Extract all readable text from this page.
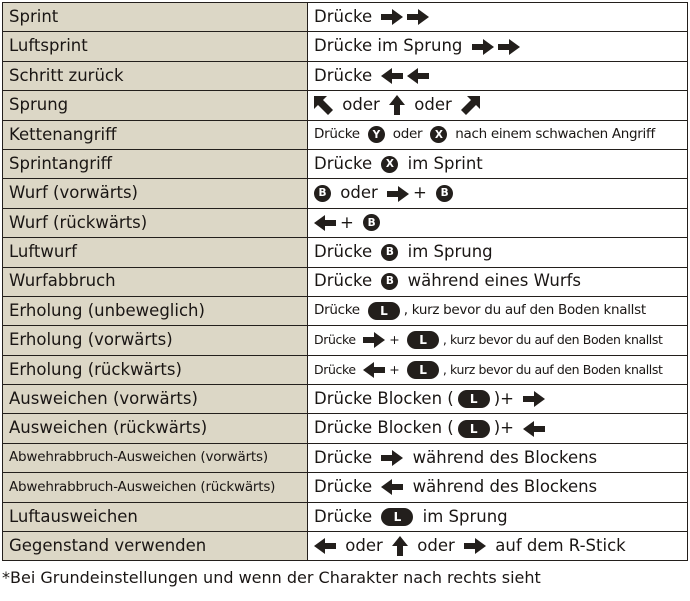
Sprint	Drücke

Luftsprint	Drücke im Sprung

Schritt zurück	Drücke

Sprung	oder oder

Kettenangriff	Drücke Y oder X nach einem schwachen Angriff

Sprintangriff	Drücke X im Sprint

Wurf (vorwärts)	B oder + B

Wurf (rückwärts)	+ B

Luftwurf	Drücke B im Sprung

Wurfabbruch	Drücke B während eines Wurfs

Erholung (unbeweglich)	Drücke L , kurz bevor du auf den Boden knallst

Erholung (vorwärts)	Drücke + L , kurz bevor du auf den Boden knallst

Erholung (rückwärts)	Drücke + L , kurz bevor du auf den Boden knallst

Ausweichen (vorwärts)	Drücke Blocken ( L )+

Ausweichen (rückwärts)	Drücke Blocken ( L )+

Abwehrabbruch-Ausweichen (vorwärts)	Drücke während des Blockens

Abwehrabbruch-Ausweichen (rückwärts)	Drücke während des Blockens

Luftausweichen	Drücke L im Sprung

Gegenstand verwenden	oder oder auf dem R-Stick
*Bei Grundeinstellungen und wenn der Charakter nach rechts sieht
